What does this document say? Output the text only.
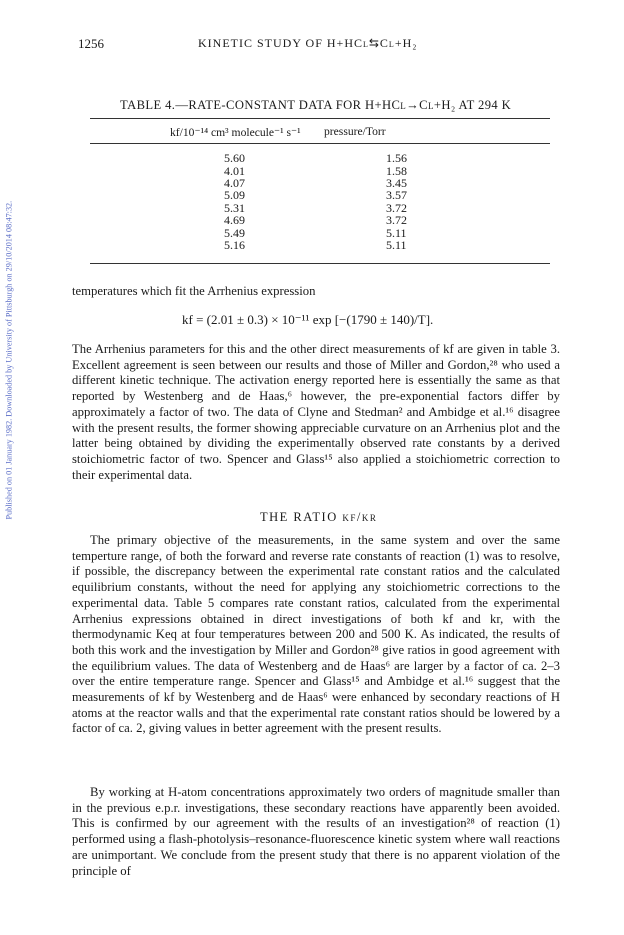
Published on 01 January 1982. Downloaded by University of Pittsburgh on 29/10/2014 08:47:32.
1256	KINETIC STUDY OF H+HCl⇆Cl+H₂
TABLE 4.—RATE-CONSTANT DATA FOR H+HCl→Cl+H₂ AT 294 K
kf/10⁻¹⁴ cm³ molecule⁻¹ s⁻¹ pressure/Torr
5.60	1.56
4.01	1.58
4.07	3.45
5.09	3.57
5.31	3.72
4.69	3.72
5.49	5.11
5.16	5.11

temperatures which fit the Arrhenius expression

kf = (2.01 ± 0.3) × 10⁻¹¹ exp [−(1790 ± 140)/T].

The Arrhenius parameters for this and the other direct measurements of kf are given in table 3. Excellent agreement is seen between our results and those of Miller and Gordon,²⁸ who used a different kinetic technique. The activation energy reported here is essentially the same as that reported by Westenberg and de Haas,⁶ however, the pre-exponential factors differ by approximately a factor of two. The data of Clyne and Stedman² and Ambidge et al.¹⁶ disagree with the present results, the former showing appreciable curvature on an Arrhenius plot and the latter being obtained by dividing the experimentally observed rate constants by a derived stoichiometric factor of two. Spencer and Glass¹⁵ also applied a stoichiometric correction to their experimental data.

THE RATIO kf/kr

The primary objective of the measurements, in the same system and over the same temperture range, of both the forward and reverse rate constants of reaction (1) was to resolve, if possible, the discrepancy between the experimental rate constant ratios and the calculated equilibrium constants, without the need for applying any stoichiometric corrections to the experimental data. Table 5 compares rate constant ratios, calculated from the experimental Arrhenius expressions obtained in direct investigations of both kf and kr, with the thermodynamic Keq at four temperatures between 200 and 500 K. As indicated, the results of both this work and the investigation by Miller and Gordon²⁸ give ratios in good agreement with the equilibrium values. The data of Westenberg and de Haas⁶ are larger by a factor of ca. 2–3 over the entire temperature range. Spencer and Glass¹⁵ and Ambidge et al.¹⁶ suggest that the measurements of kf by Westenberg and de Haas⁶ were enhanced by secondary reactions of H atoms at the reactor walls and that the experimental rate constant ratios should be lowered by a factor of ca. 2, giving values in better agreement with the present results.

By working at H-atom concentrations approximately two orders of magnitude smaller than in the previous e.p.r. investigations, these secondary reactions have apparently been avoided. This is confirmed by our agreement with the results of an investigation²⁸ of reaction (1) performed using a flash-photolysis–resonance-fluorescence kinetic system where wall reactions are unimportant. We conclude from the present study that there is no apparent violation of the principle of
